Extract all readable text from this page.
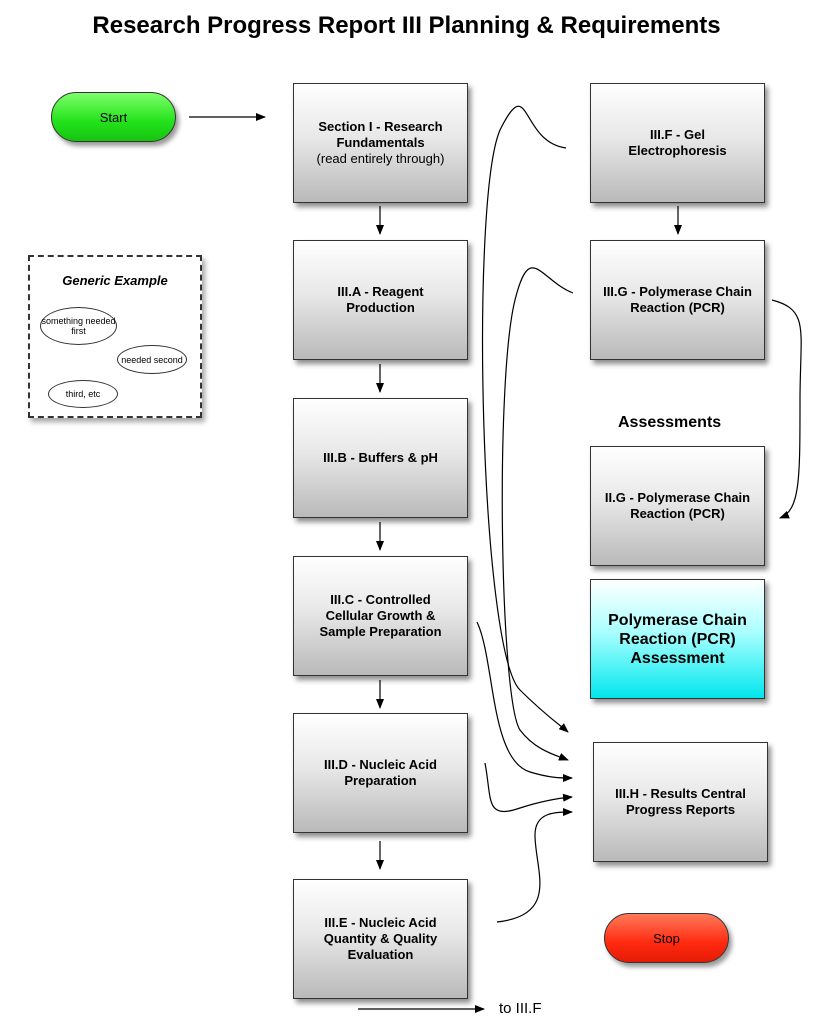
Research Progress Report III Planning & Requirements
Start
Stop
Generic Example
something needed first
needed second
third, etc
Section I - Research Fundamentals
(read entirely through)
III.A - Reagent Production
III.B - Buffers & pH
III.C - Controlled Cellular Growth & Sample Preparation
III.D - Nucleic Acid Preparation
III.E - Nucleic Acid Quantity & Quality Evaluation
III.F - Gel Electrophoresis
III.G - Polymerase Chain Reaction (PCR)
Assessments
II.G - Polymerase Chain Reaction (PCR)
Polymerase Chain Reaction (PCR) Assessment
III.H - Results Central Progress Reports
to III.F
